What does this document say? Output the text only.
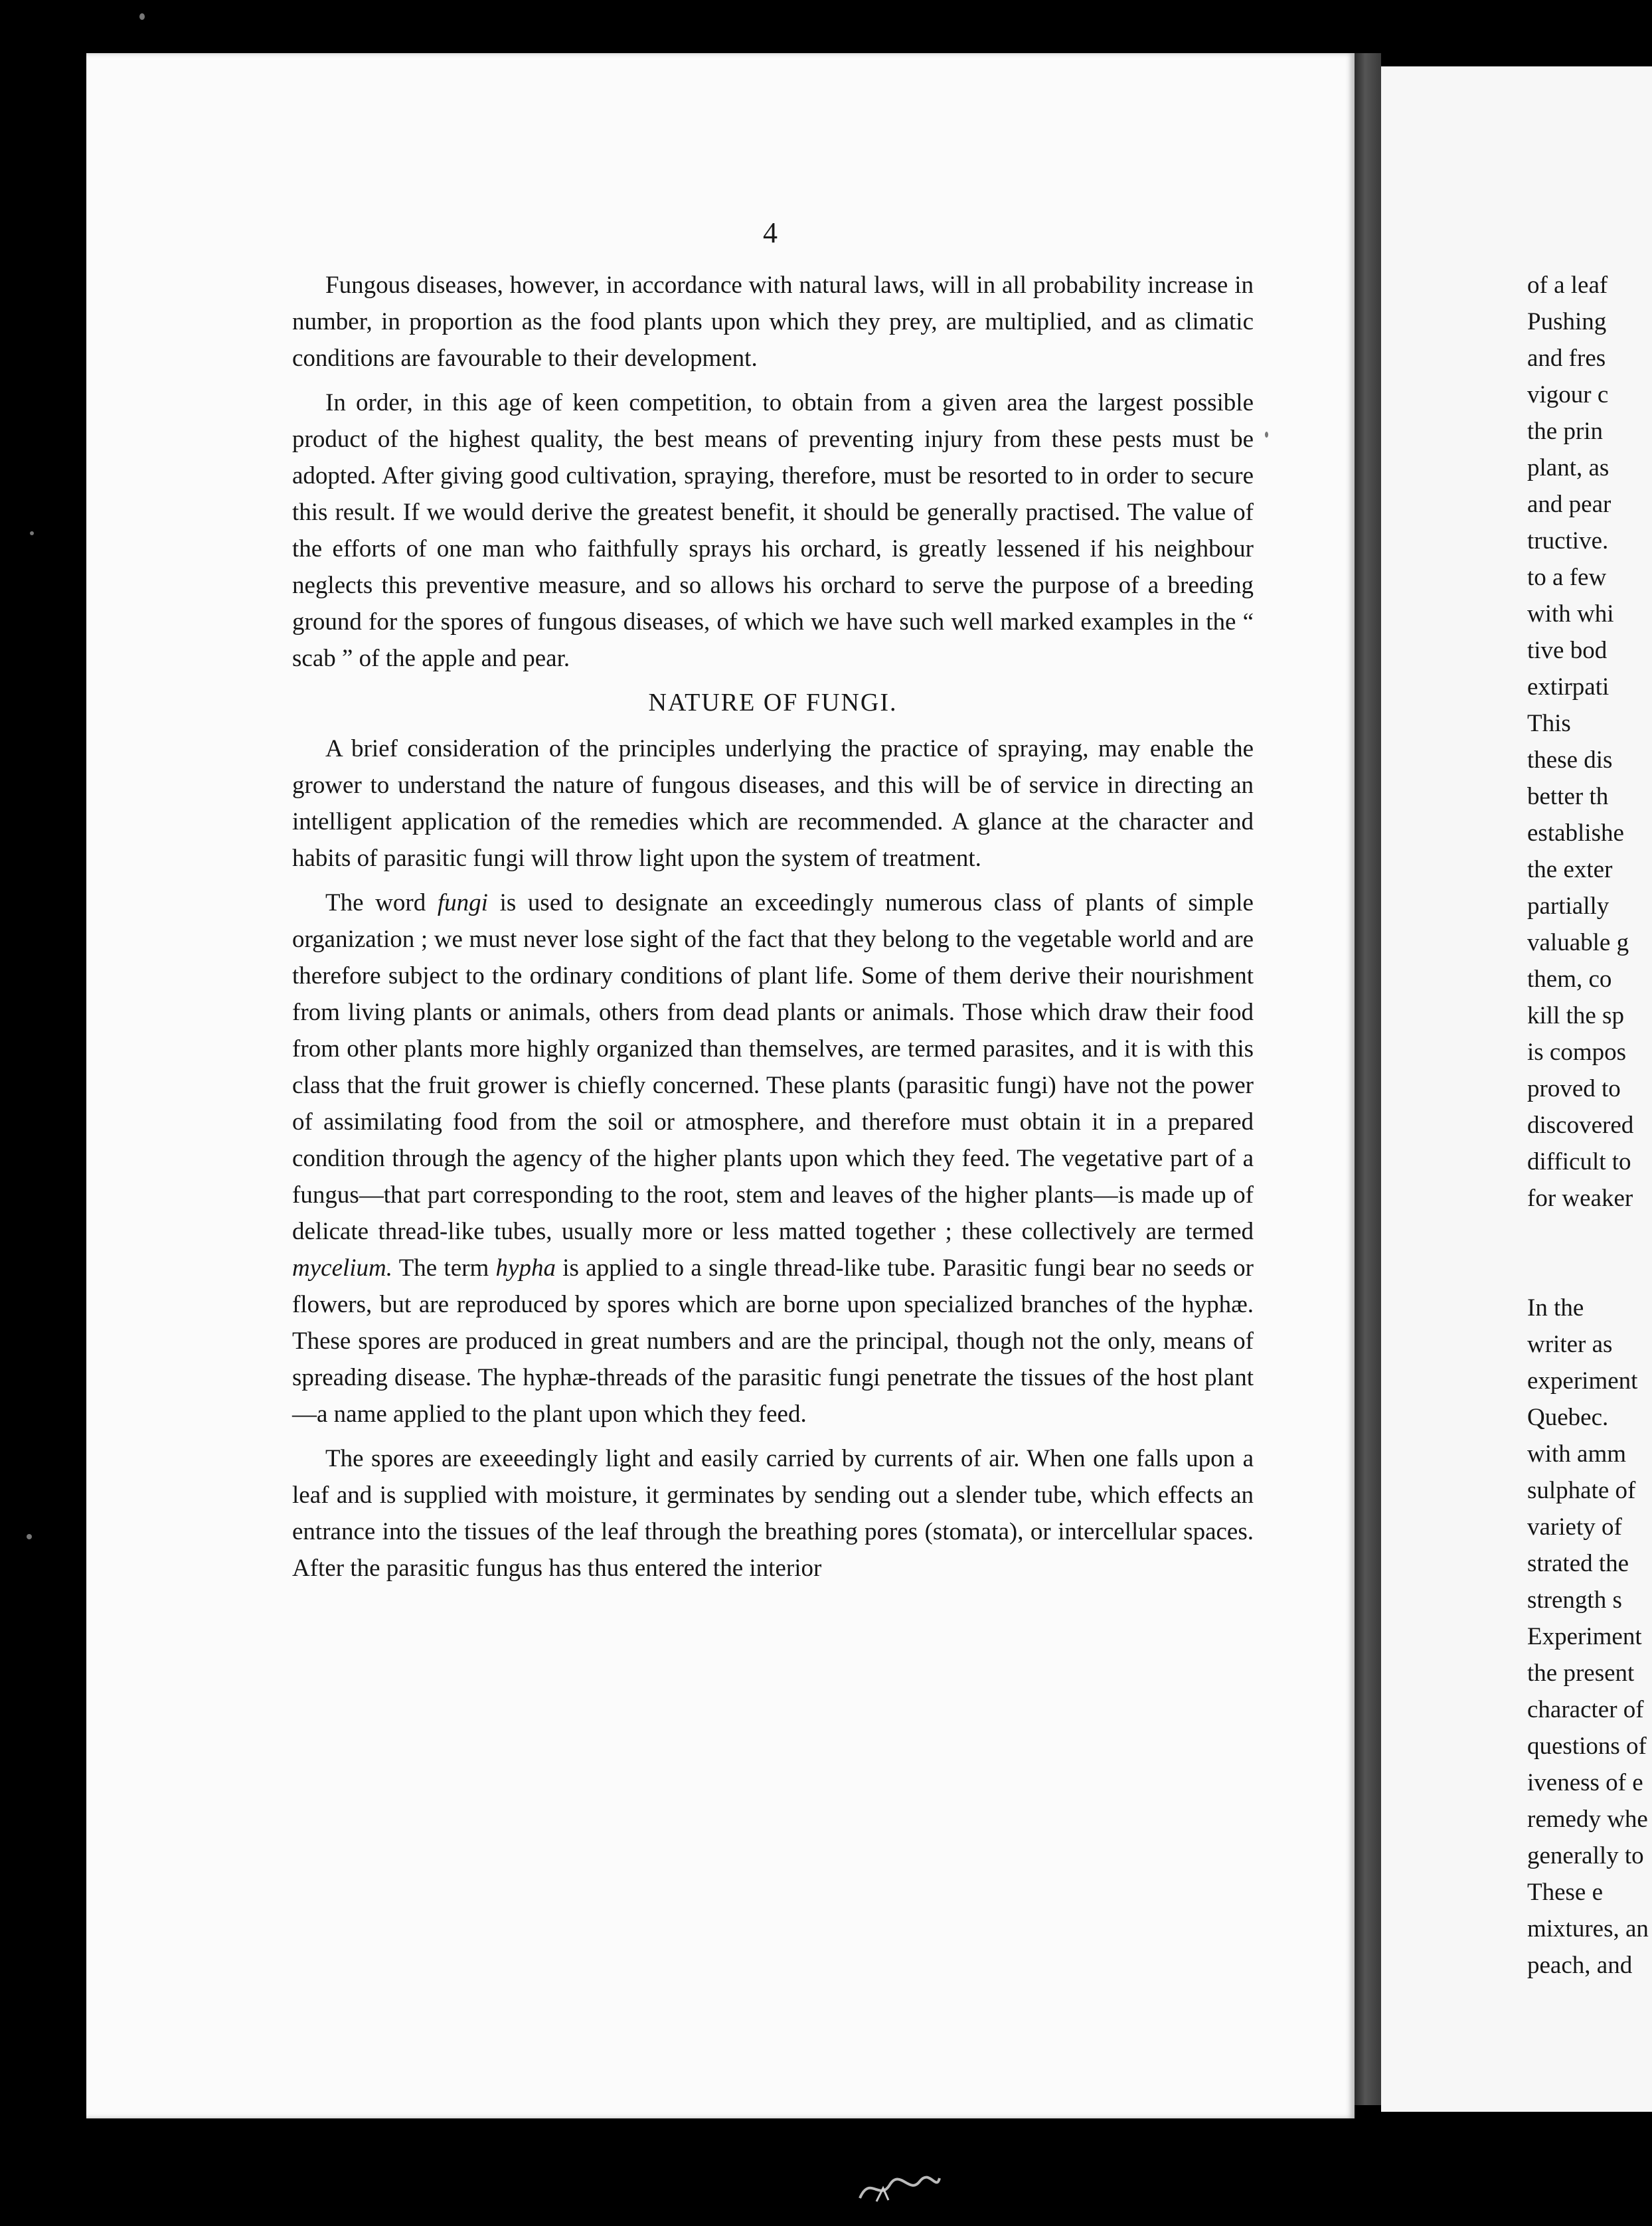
4

Fungous diseases, however, in accordance with natural laws, will in all probability increase in number, in proportion as the food plants upon which they prey, are multiplied, and as climatic conditions are favourable to their development.

In order, in this age of keen competition, to obtain from a given area the largest possible product of the highest quality, the best means of preventing injury from these pests must be adopted. After giving good cultivation, spraying, therefore, must be resorted to in order to secure this result. If we would derive the greatest benefit, it should be generally practised. The value of the efforts of one man who faithfully sprays his orchard, is greatly lessened if his neighbour neglects this preventive measure, and so allows his orchard to serve the purpose of a breeding ground for the spores of fungous diseases, of which we have such well marked examples in the “ scab ” of the apple and pear.

NATURE OF FUNGI.

A brief consideration of the principles underlying the practice of spraying, may enable the grower to understand the nature of fungous diseases, and this will be of service in directing an intelligent application of the remedies which are recommended. A glance at the character and habits of parasitic fungi will throw light upon the system of treatment.

The word fungi is used to designate an exceedingly numerous class of plants of simple organization ; we must never lose sight of the fact that they belong to the vegetable world and are therefore subject to the ordinary conditions of plant life. Some of them derive their nourishment from living plants or animals, others from dead plants or animals. Those which draw their food from other plants more highly organized than themselves, are termed parasites, and it is with this class that the fruit grower is chiefly concerned. These plants (parasitic fungi) have not the power of assimilating food from the soil or atmosphere, and therefore must obtain it in a prepared condition through the agency of the higher plants upon which they feed. The vegetative part of a fungus—that part corresponding to the root, stem and leaves of the higher plants—is made up of delicate thread-like tubes, usually more or less matted together ; these collectively are termed mycelium. The term hypha is applied to a single thread-like tube. Parasitic fungi bear no seeds or flowers, but are reproduced by spores which are borne upon specialized branches of the hyphæ. These spores are produced in great numbers and are the principal, though not the only, means of spreading disease. The hyphæ-threads of the parasitic fungi penetrate the tissues of the host plant—a name applied to the plant upon which they feed.

The spores are exeeedingly light and easily carried by currents of air. When one falls upon a leaf and is supplied with moisture, it germinates by sending out a slender tube, which effects an entrance into the tissues of the leaf through the breathing pores (stomata), or intercellular spaces. After the parasitic fungus has thus entered the interior

of a leaf
Pushing
and fres
vigour c
the prin
plant, as
and pear
tructive.
to a few
with whi
tive bod
extirpati
This
these dis
better th
establishe
the exter
partially
valuable g
them, co
kill the sp
is compos
proved to
discovered
difficult to
for weaker
In the
writer as
experiment
Quebec.
with amm
sulphate of
variety of
strated the
strength s
Experiment
the present
character of
questions of
iveness of e
remedy whe
generally to
These e
mixtures, an
peach, and
